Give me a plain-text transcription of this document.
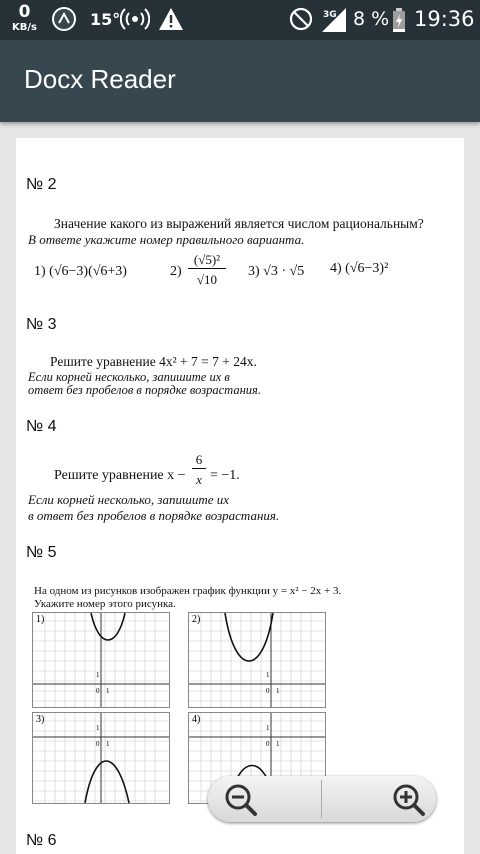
0
KB/s	15°	3G 8 % 19:36
Docx Reader
№ 2
Значение какого из выражений является числом рациональным?
В ответе укажите номер правильного варианта.
1) (√6−3)(√6+3)	2)
(√5)²
√10
3) √3 · √5 4) (√6−3)²
№ 3
Решите уравнение 4x² + 7 = 7 + 24x.
Если корней несколько, запишите их в
ответ без пробелов в порядке возрастания.
№ 4
Решите уравнение x −
6
x = −1.
Если корней несколько, запишите их
в ответ без пробелов в порядке возрастания.
№ 5
На одном из рисунков изображен график функции y = x² − 2x + 3.
Укажите номер этого рисунка.
1)
0 1
1
2)
0 1
1
3)
0 1
1
4)
0 1
1
№ 6
